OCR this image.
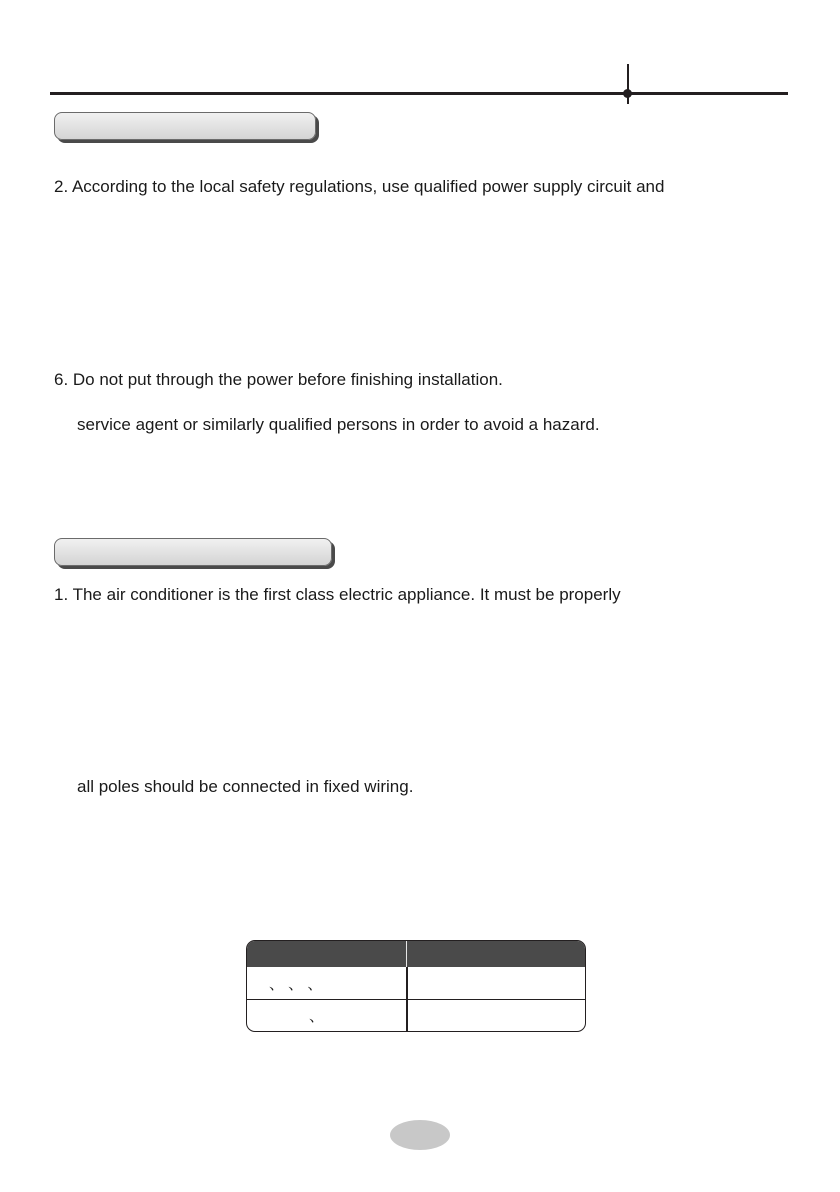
2. According to the local safety regulations, use qualified power supply circuit and

6. Do not put through the power before finishing installation.

service agent or similarly qualified persons in order to avoid a hazard.

1. The air conditioner is the first class electric appliance. It must be properly

all poles should be connected in fixed wiring.

、 、 、
、
